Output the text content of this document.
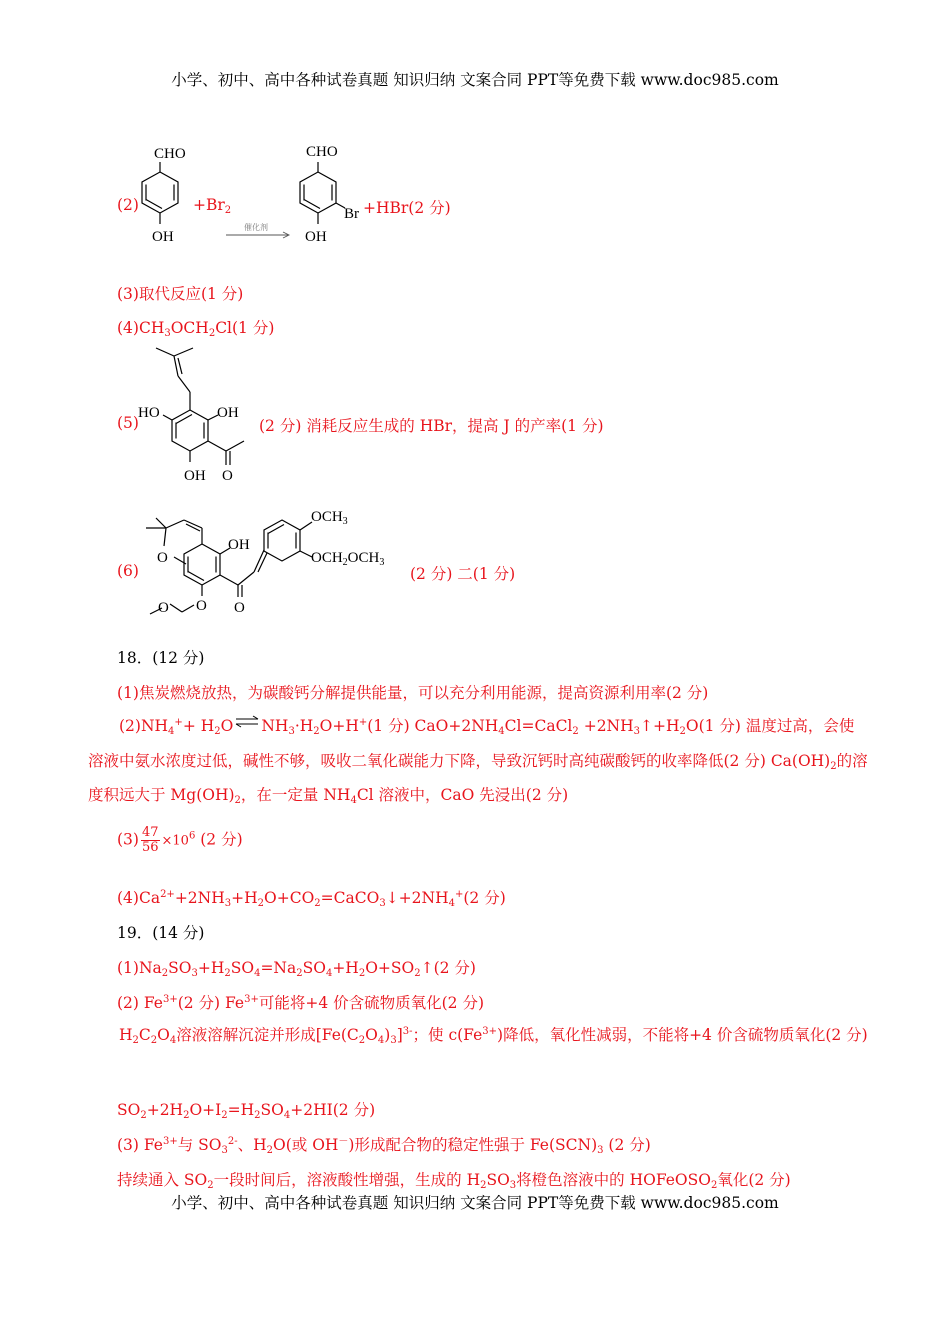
小学、初中、高中各种试卷真题 知识归纳 文案合同 PPT等免费下载 www.doc985.com
(2)
CHO
OH
$+Br_2$
催化剂
CHO
Br
OH
+HBr(2 分)
(3)取代反应(1 分)
$(4)CH_3OCH_2Cl(1$ 分)
(5)
HO	OH
OH O
(2 分) 消耗反应生成的 HBr，提高 J 的产率(1 分)
(6)
O
OH
O
O
O
$OCH_3$
$OCH_2OCH_3$
(2 分) 二(1 分)
18．(12 分)
(1)焦炭燃烧放热，为碳酸钙分解提供能量，可以充分利用能源，提高资源利用率(2 分)
$(2)NH_4^++$ $H_2O\rightleftharpoons NH_3\cdot H_2O+H^+(1$ 分) $CaO+2NH_4Cl=CaCl_2$ $+2NH_3↑+H_2O(1$ 分) 温度过高，会使溶液中氨水浓度过低，碱性不够，吸收二氧化碳能力下降，导致沉钙时高纯碳酸钙的收率降低(2 分) $Ca(OH)_2$的溶度积远大于 $Mg(OH)_2$，在一定量 $NH_4Cl$ 溶液中，CaO 先浸出(2 分)
$(3) \frac{47}{56} \times 10^6$ (2 分)
$(4)Ca^{2+}+2NH_3+H_2O+CO_2=CaCO_3↓+2NH_4^+(2$ 分)
19．(14 分)
$(1)Na_2SO_3+H_2SO_4=Na_2SO_4+H_2O+SO_2↑(2$ 分)
(2) $Fe^{3+}(2$ 分) $Fe^{3+}$可能将+4 价含硫物质氧化(2 分)
$H_2C_2O_4$溶液溶解沉淀并形成$[Fe(C_2O_4)_3]^{3-}$；使 $c(Fe^{3+})$降低，氧化性减弱，不能将+4 价含硫物质氧化(2 分)
$SO_2+2H_2O+I_2=H_2SO_4+2HI(2$ 分)
(3) $Fe^{3+}$与 $SO_3^{2-}$、$H_2O$(或 OH－)形成配合物的稳定性强于 $Fe(SCN)_3$ (2 分)
持续通入 $SO_2$一段时间后，溶液酸性增强，生成的 $H_2SO_3$将橙色溶液中的 HOFeOSO$_2$氧化(2 分)
小学、初中、高中各种试卷真题 知识归纳 文案合同 PPT等免费下载 www.doc985.com
